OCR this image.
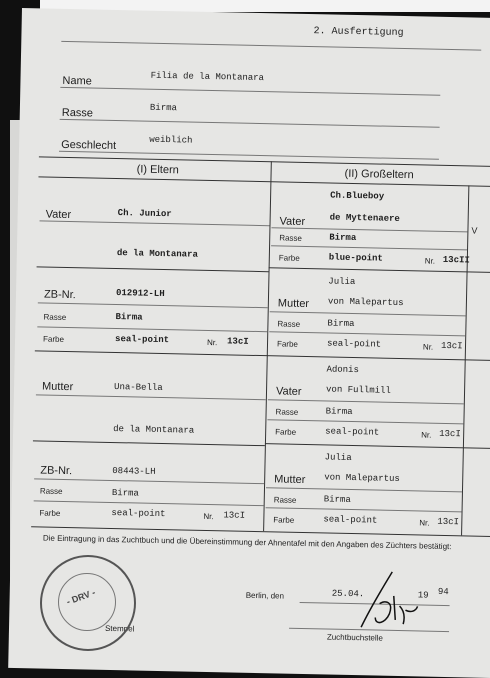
2. Ausfertigung
Name	Filia de la Montanara
Rasse	Birma
Geschlecht	weiblich
(I) Eltern	(II) Großeltern
V
Vater	Ch. Junior
de la Montanara
ZB-Nr.	012912-LH
Rasse	Birma
Farbe	seal-point	Nr. 13cI
Ch.Blueboy
Vater	de Myttenaere
Rasse	Birma
Farbe	blue-point	Nr. 13cII
Julia
Mutter von Malepartus
Rasse	Birma
Farbe	seal-point	Nr. 13cI
Mutter	Una-Bella
de la Montanara
ZB-Nr.	08443-LH
Rasse	Birma
Farbe	seal-point	Nr. 13cI
Adonis
Vater	von Fullmill
Rasse	Birma
Farbe	seal-point	Nr. 13cI
Julia
Mutter von Malepartus
Rasse	Birma
Farbe	seal-point	Nr. 13cI
Die Eintragung in das Zuchtbuch und die Übereinstimmung der Ahnentafel mit den Angaben des Züchters bestätigt:
Berlin, den	25.04.	19 94
Stempel
Zuchtbuchstelle
- DRV -
